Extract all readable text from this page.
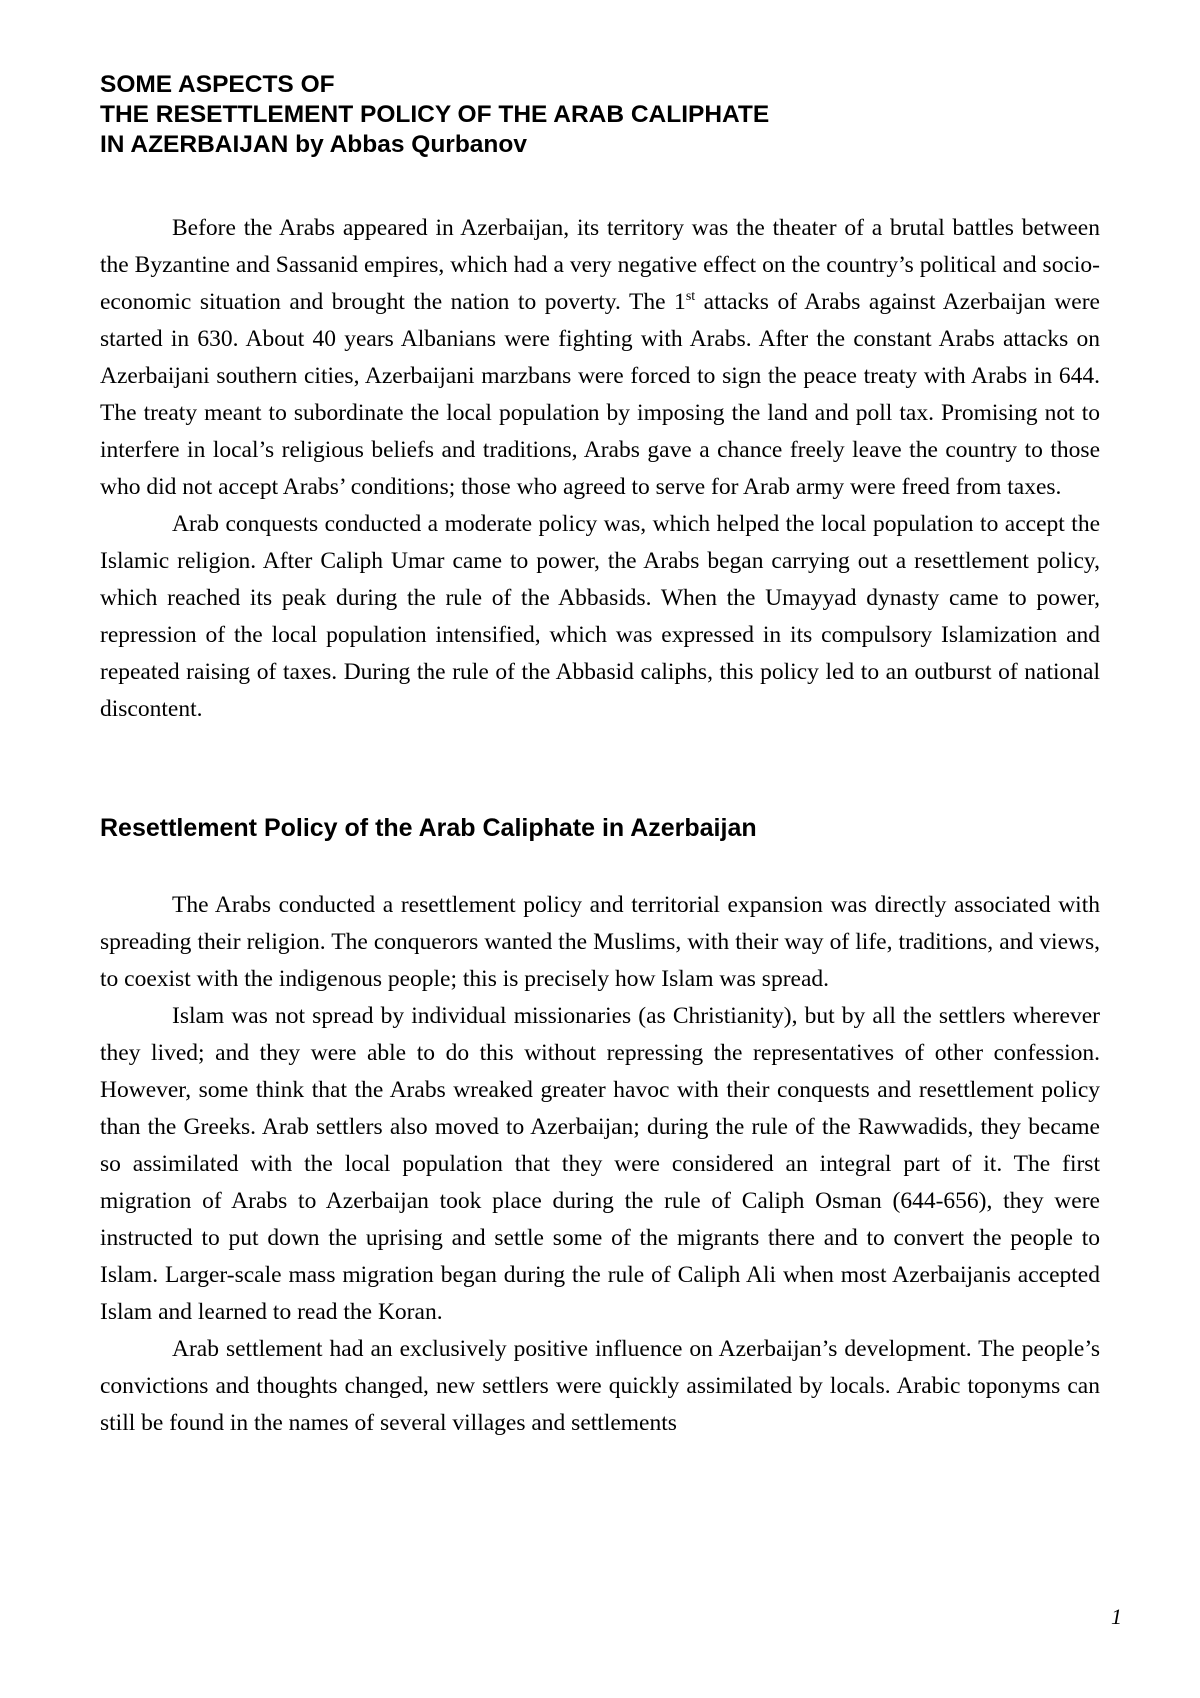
SOME ASPECTS OF
THE RESETTLEMENT POLICY OF THE ARAB CALIPHATE
IN AZERBAIJAN by Abbas Qurbanov

Before the Arabs appeared in Azerbaijan, its territory was the theater of a brutal battles between the Byzantine and Sassanid empires, which had a very negative effect on the country’s political and socio-economic situation and brought the nation to poverty. The 1st attacks of Arabs against Azerbaijan were started in 630. About 40 years Albanians were fighting with Arabs. After the constant Arabs attacks on Azerbaijani southern cities, Azerbaijani marzbans were forced to sign the peace treaty with Arabs in 644. The treaty meant to subordinate the local population by imposing the land and poll tax. Promising not to interfere in local’s religious beliefs and traditions, Arabs gave a chance freely leave the country to those who did not accept Arabs’ conditions; those who agreed to serve for Arab army were freed from taxes.

Arab conquests conducted a moderate policy was, which helped the local population to accept the Islamic religion. After Caliph Umar came to power, the Arabs began carrying out a resettlement policy, which reached its peak during the rule of the Abbasids. When the Umayyad dynasty came to power, repression of the local population intensified, which was expressed in its compulsory Islamization and repeated raising of taxes. During the rule of the Abbasid caliphs, this policy led to an outburst of national discontent.

Resettlement Policy of the Arab Caliphate in Azerbaijan

The Arabs conducted a resettlement policy and territorial expansion was directly associated with spreading their religion. The conquerors wanted the Muslims, with their way of life, traditions, and views, to coexist with the indigenous people; this is precisely how Islam was spread.

Islam was not spread by individual missionaries (as Christianity), but by all the settlers wherever they lived; and they were able to do this without repressing the representatives of other confession. However, some think that the Arabs wreaked greater havoc with their conquests and resettlement policy than the Greeks. Arab settlers also moved to Azerbaijan; during the rule of the Rawwadids, they became so assimilated with the local population that they were considered an integral part of it. The first migration of Arabs to Azerbaijan took place during the rule of Caliph Osman (644-656), they were instructed to put down the uprising and settle some of the migrants there and to convert the people to Islam. Larger-scale mass migration began during the rule of Caliph Ali when most Azerbaijanis accepted Islam and learned to read the Koran.

Arab settlement had an exclusively positive influence on Azerbaijan’s development. The people’s convictions and thoughts changed, new settlers were quickly assimilated by locals. Arabic toponyms can still be found in the names of several villages and settlements

1
